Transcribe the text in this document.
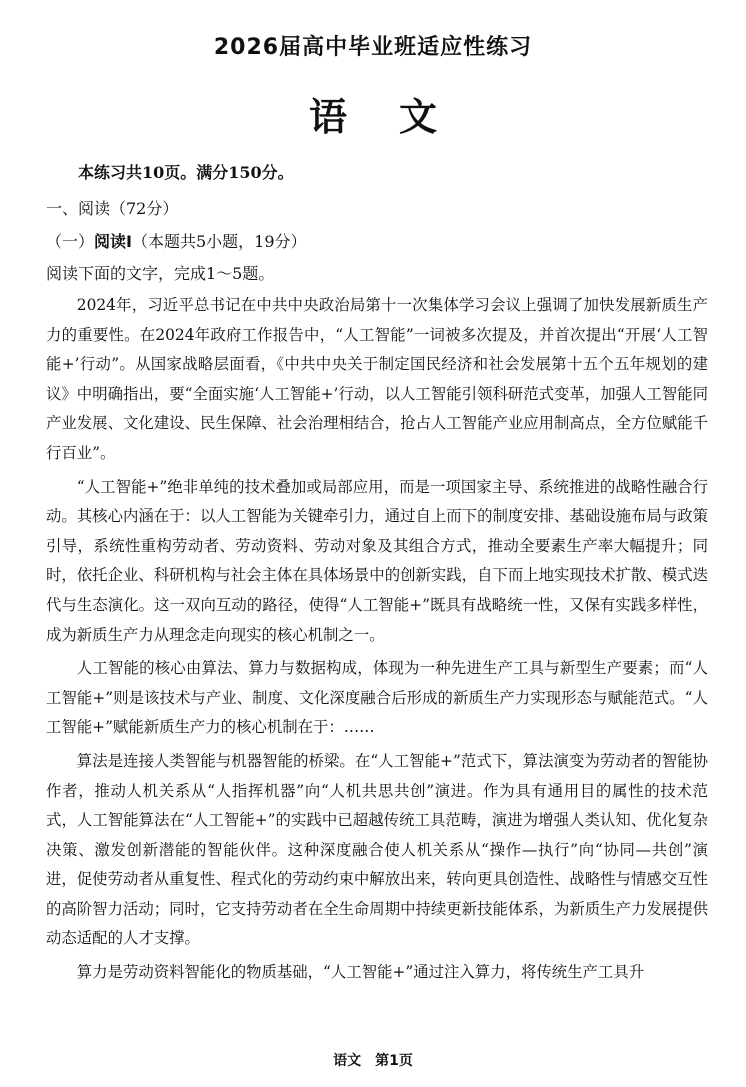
2026届高中毕业班适应性练习
语文
本练习共10页。满分150分。
一、阅读（72分）
（一）阅读Ⅰ（本题共5小题，19分）
阅读下面的文字，完成1～5题。

2024年，习近平总书记在中共中央政治局第十一次集体学习会议上强调了加快发展新质生产力的重要性。在2024年政府工作报告中，“人工智能”一词被多次提及，并首次提出“开展‘人工智能+’行动”。从国家战略层面看，《中共中央关于制定国民经济和社会发展第十五个五年规划的建议》中明确指出，要“全面实施‘人工智能+’行动，以人工智能引领科研范式变革，加强人工智能同产业发展、文化建设、民生保障、社会治理相结合，抢占人工智能产业应用制高点，全方位赋能千行百业”。

“人工智能+”绝非单纯的技术叠加或局部应用，而是一项国家主导、系统推进的战略性融合行动。其核心内涵在于：以人工智能为关键牵引力，通过自上而下的制度安排、基础设施布局与政策引导，系统性重构劳动者、劳动资料、劳动对象及其组合方式，推动全要素生产率大幅提升；同时，依托企业、科研机构与社会主体在具体场景中的创新实践，自下而上地实现技术扩散、模式迭代与生态演化。这一双向互动的路径，使得“人工智能+”既具有战略统一性，又保有实践多样性，成为新质生产力从理念走向现实的核心机制之一。

人工智能的核心由算法、算力与数据构成，体现为一种先进生产工具与新型生产要素；而“人工智能+”则是该技术与产业、制度、文化深度融合后形成的新质生产力实现形态与赋能范式。“人工智能+”赋能新质生产力的核心机制在于：……

算法是连接人类智能与机器智能的桥梁。在“人工智能+”范式下，算法演变为劳动者的智能协作者，推动人机关系从“人指挥机器”向“人机共思共创”演进。作为具有通用目的属性的技术范式，人工智能算法在“人工智能+”的实践中已超越传统工具范畴，演进为增强人类认知、优化复杂决策、激发创新潜能的智能伙伴。这种深度融合使人机关系从“操作—执行”向“协同—共创”演进，促使劳动者从重复性、程式化的劳动约束中解放出来，转向更具创造性、战略性与情感交互性的高阶智力活动；同时，它支持劳动者在全生命周期中持续更新技能体系，为新质生产力发展提供动态适配的人才支撑。

算力是劳动资料智能化的物质基础，“人工智能+”通过注入算力，将传统生产工具升

语文　第1页
